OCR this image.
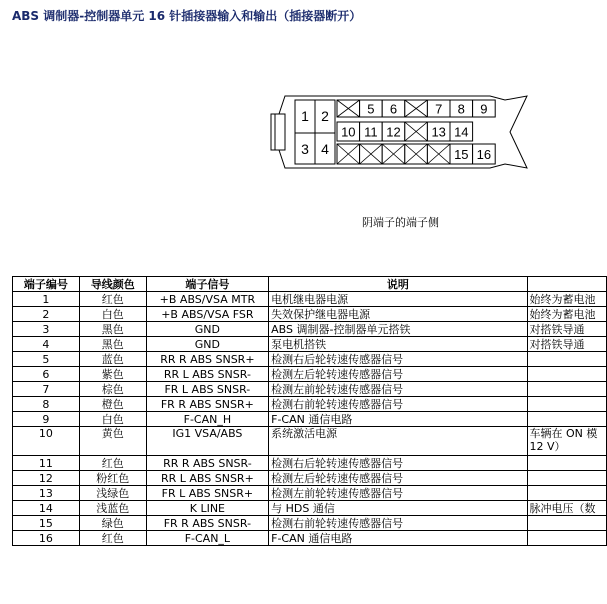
ABS 调制器-控制器单元 16 针插接器输入和输出（插接器断开）
5 6	7 8 9
10 11 12 13 14
15 16
1 2
3 4
阴端子的端子侧
端子编号	导线颜色	端子信号	说明	
1	红色	+B ABS/VSA MTR	电机继电器电源	始终为蓄电池
2	白色	+B ABS/VSA FSR	失效保护继电器电源	始终为蓄电池
3	黑色	GND	ABS 调制器-控制器单元搭铁	对搭铁导通
4	黑色	GND	泵电机搭铁	对搭铁导通
5	蓝色	RR R ABS SNSR+	检测右后轮转速传感器信号	
6	紫色	RR L ABS SNSR-	检测左后轮转速传感器信号	
7	棕色	FR L ABS SNSR-	检测左前轮转速传感器信号	
8	橙色	FR R ABS SNSR+	检测右前轮转速传感器信号	
9	白色	F-CAN_H	F-CAN 通信电路	
10	黄色	IG1 VSA/ABS	系统激活电源	车辆在 ON 模 12 V）
11	红色	RR R ABS SNSR-	检测右后轮转速传感器信号	
12	粉红色	RR L ABS SNSR+	检测左后轮转速传感器信号	
13	浅绿色	FR L ABS SNSR+	检测左前轮转速传感器信号	
14	浅蓝色	K LINE	与 HDS 通信	脉冲电压（数
15	绿色	FR R ABS SNSR-	检测右前轮转速传感器信号	
16	红色	F-CAN_L	F-CAN 通信电路	
